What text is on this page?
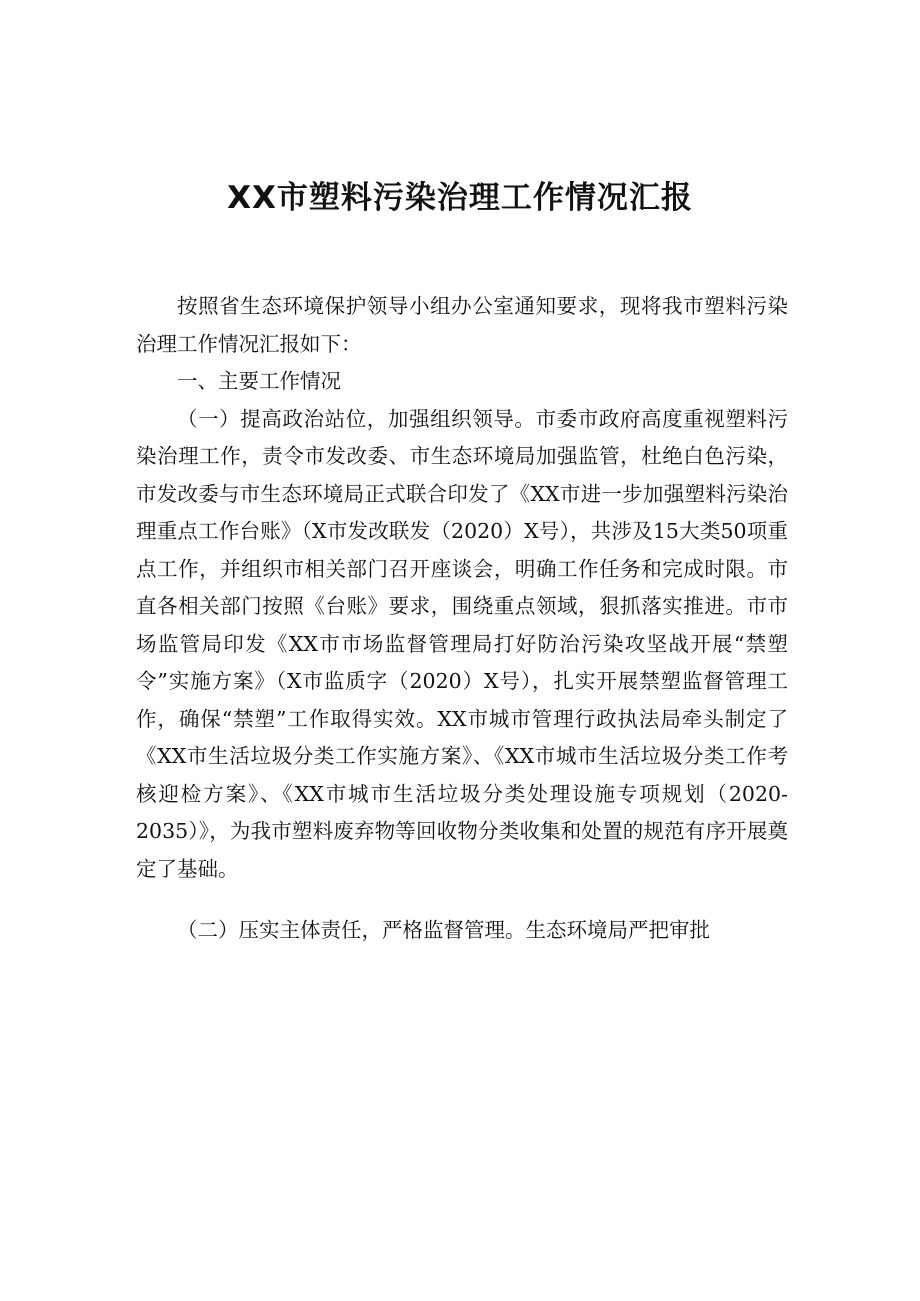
XX市塑料污染治理工作情况汇报

按照省生态环境保护领导小组办公室通知要求，现将我市塑料污染治理工作情况汇报如下：

一、主要工作情况

（一）提高政治站位，加强组织领导。市委市政府高度重视塑料污染治理工作，责令市发改委、市生态环境局加强监管，杜绝白色污染，市发改委与市生态环境局正式联合印发了《XX市进一步加强塑料污染治理重点工作台账》（X市发改联发（2020）X号），共涉及15大类50项重点工作，并组织市相关部门召开座谈会，明确工作任务和完成时限。市直各相关部门按照《台账》要求，围绕重点领域，狠抓落实推进。市市场监管局印发《XX市市场监督管理局打好防治污染攻坚战开展“禁塑令”实施方案》（X市监质字（2020）X号），扎实开展禁塑监督管理工作，确保“禁塑”工作取得实效。XX市城市管理行政执法局牵头制定了《XX市生活垃圾分类工作实施方案》、《XX市城市生活垃圾分类工作考核迎检方案》、《XX市城市生活垃圾分类处理设施专项规划（2020-2035）》，为我市塑料废弃物等回收物分类收集和处置的规范有序开展奠定了基础。

（二）压实主体责任，严格监督管理。生态环境局严把审批
